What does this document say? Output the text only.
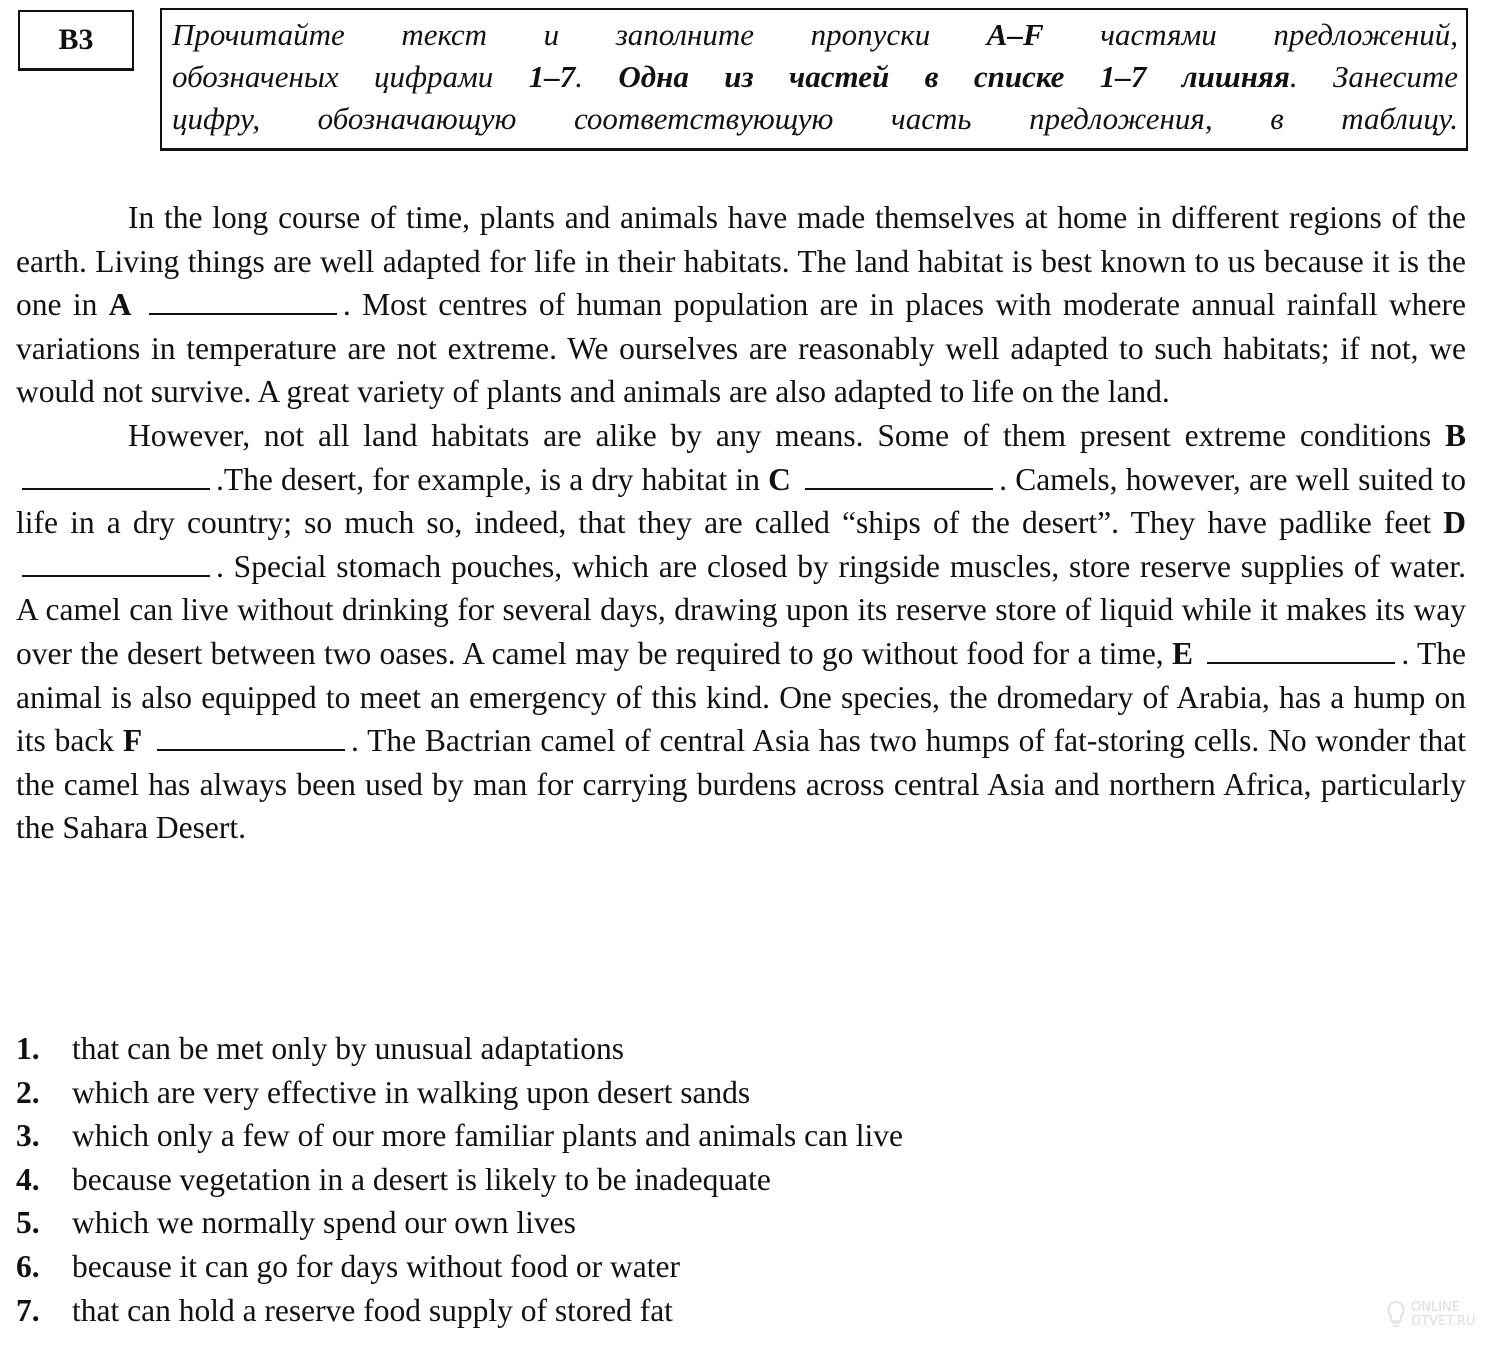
B3	Прочитайте текст и заполните пропуски A–F частями предложений,
обозначеных цифрами 1–7. Одна из частей в списке 1–7 лишняя. Занесите
цифру, обозначающую соответствующую часть предложения, в таблицу.

In the long course of time, plants and animals have made themselves at home in different regions of the earth. Living things are well adapted for life in their habitats. The land habitat is best known to us because it is the one in A	. Most centres of human population are in places with moderate annual rainfall where variations in temperature are not extreme. We ourselves are reasonably well adapted to such habitats; if not, we would not survive. A great variety of plants and animals are also adapted to life on the land.

However, not all land habitats are alike by any means. Some of them present extreme conditions B .The desert, for example, is a dry habitat in C	. Camels, however, are well suited to life in a dry country; so much so, indeed, that they are called “ships of the desert”. They have padlike feet D . Special stomach pouches, which are closed by ringside muscles, store reserve supplies of water. A camel can live without drinking for several days, drawing upon its reserve store of liquid while it makes its way over the desert between two oases. A camel may be required to go without food for a time, E	. The animal is also equipped to meet an emergency of this kind. One species, the dromedary of Arabia, has a hump on its back F	. The Bactrian camel of central Asia has two humps of fat-storing cells. No wonder that the camel has always been used by man for carrying burdens across central Asia and northern Africa, particularly the Sahara Desert.

1.	that can be met only by unusual adaptations
2.	which are very effective in walking upon desert sands
3.	which only a few of our more familiar plants and animals can live
4.	because vegetation in a desert is likely to be inadequate
5.	which we normally spend our own lives
6.	because it can go for days without food or water
7.	that can hold a reserve food supply of stored fat	ONLINE
OTVET.RU
